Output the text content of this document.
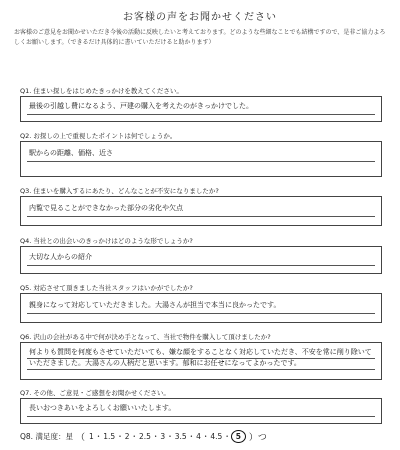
お客様の声をお聞かせください
お客様のご意見をお聞かせいただき今後の活動に反映したいと考えております。どのような些細なことでも結構ですので、是非ご協力よろしくお願いします。（できるだけ具体的に書いていただけると助かります）
Q1. 住まい探しをはじめたきっかけを教えてください。
最後の引越し費になるよう、戸建の購入を考えたのがきっかけでした。
Q2. お探しの上で重視したポイントは何でしょうか。
駅からの距離、価格、近さ
Q3. 住まいを購入するにあたり、どんなことが不安になりましたか?
内覧で見ることができなかった部分の劣化や欠点
Q4. 当社との出会いのきっかけはどのような形でしょうか?
大切な人からの紹介
Q5. 対応させて頂きました当社スタッフはいかがでしたか?
親身になって対応していただきました。大湯さんが担当で本当に良かったです。
Q6. 沢山の会社がある中で何が決め手となって、当社で物件を購入して頂けましたか?
何よりも質問を何度もさせていただいても、嫌な顔をすることなく対応していただき、不安を常に削り除いていただきました。大湯さんの人柄だと思います。郁和にお任せになってよかったです。
Q7. その他、ご意見・ご感想をお聞かせください。
長いおつきあいをよろしくお願いいたします。
Q8. 満足度：星 （ 1・1.5・2・2.5・3・3.5・4・4.5・ 5 ）つ
